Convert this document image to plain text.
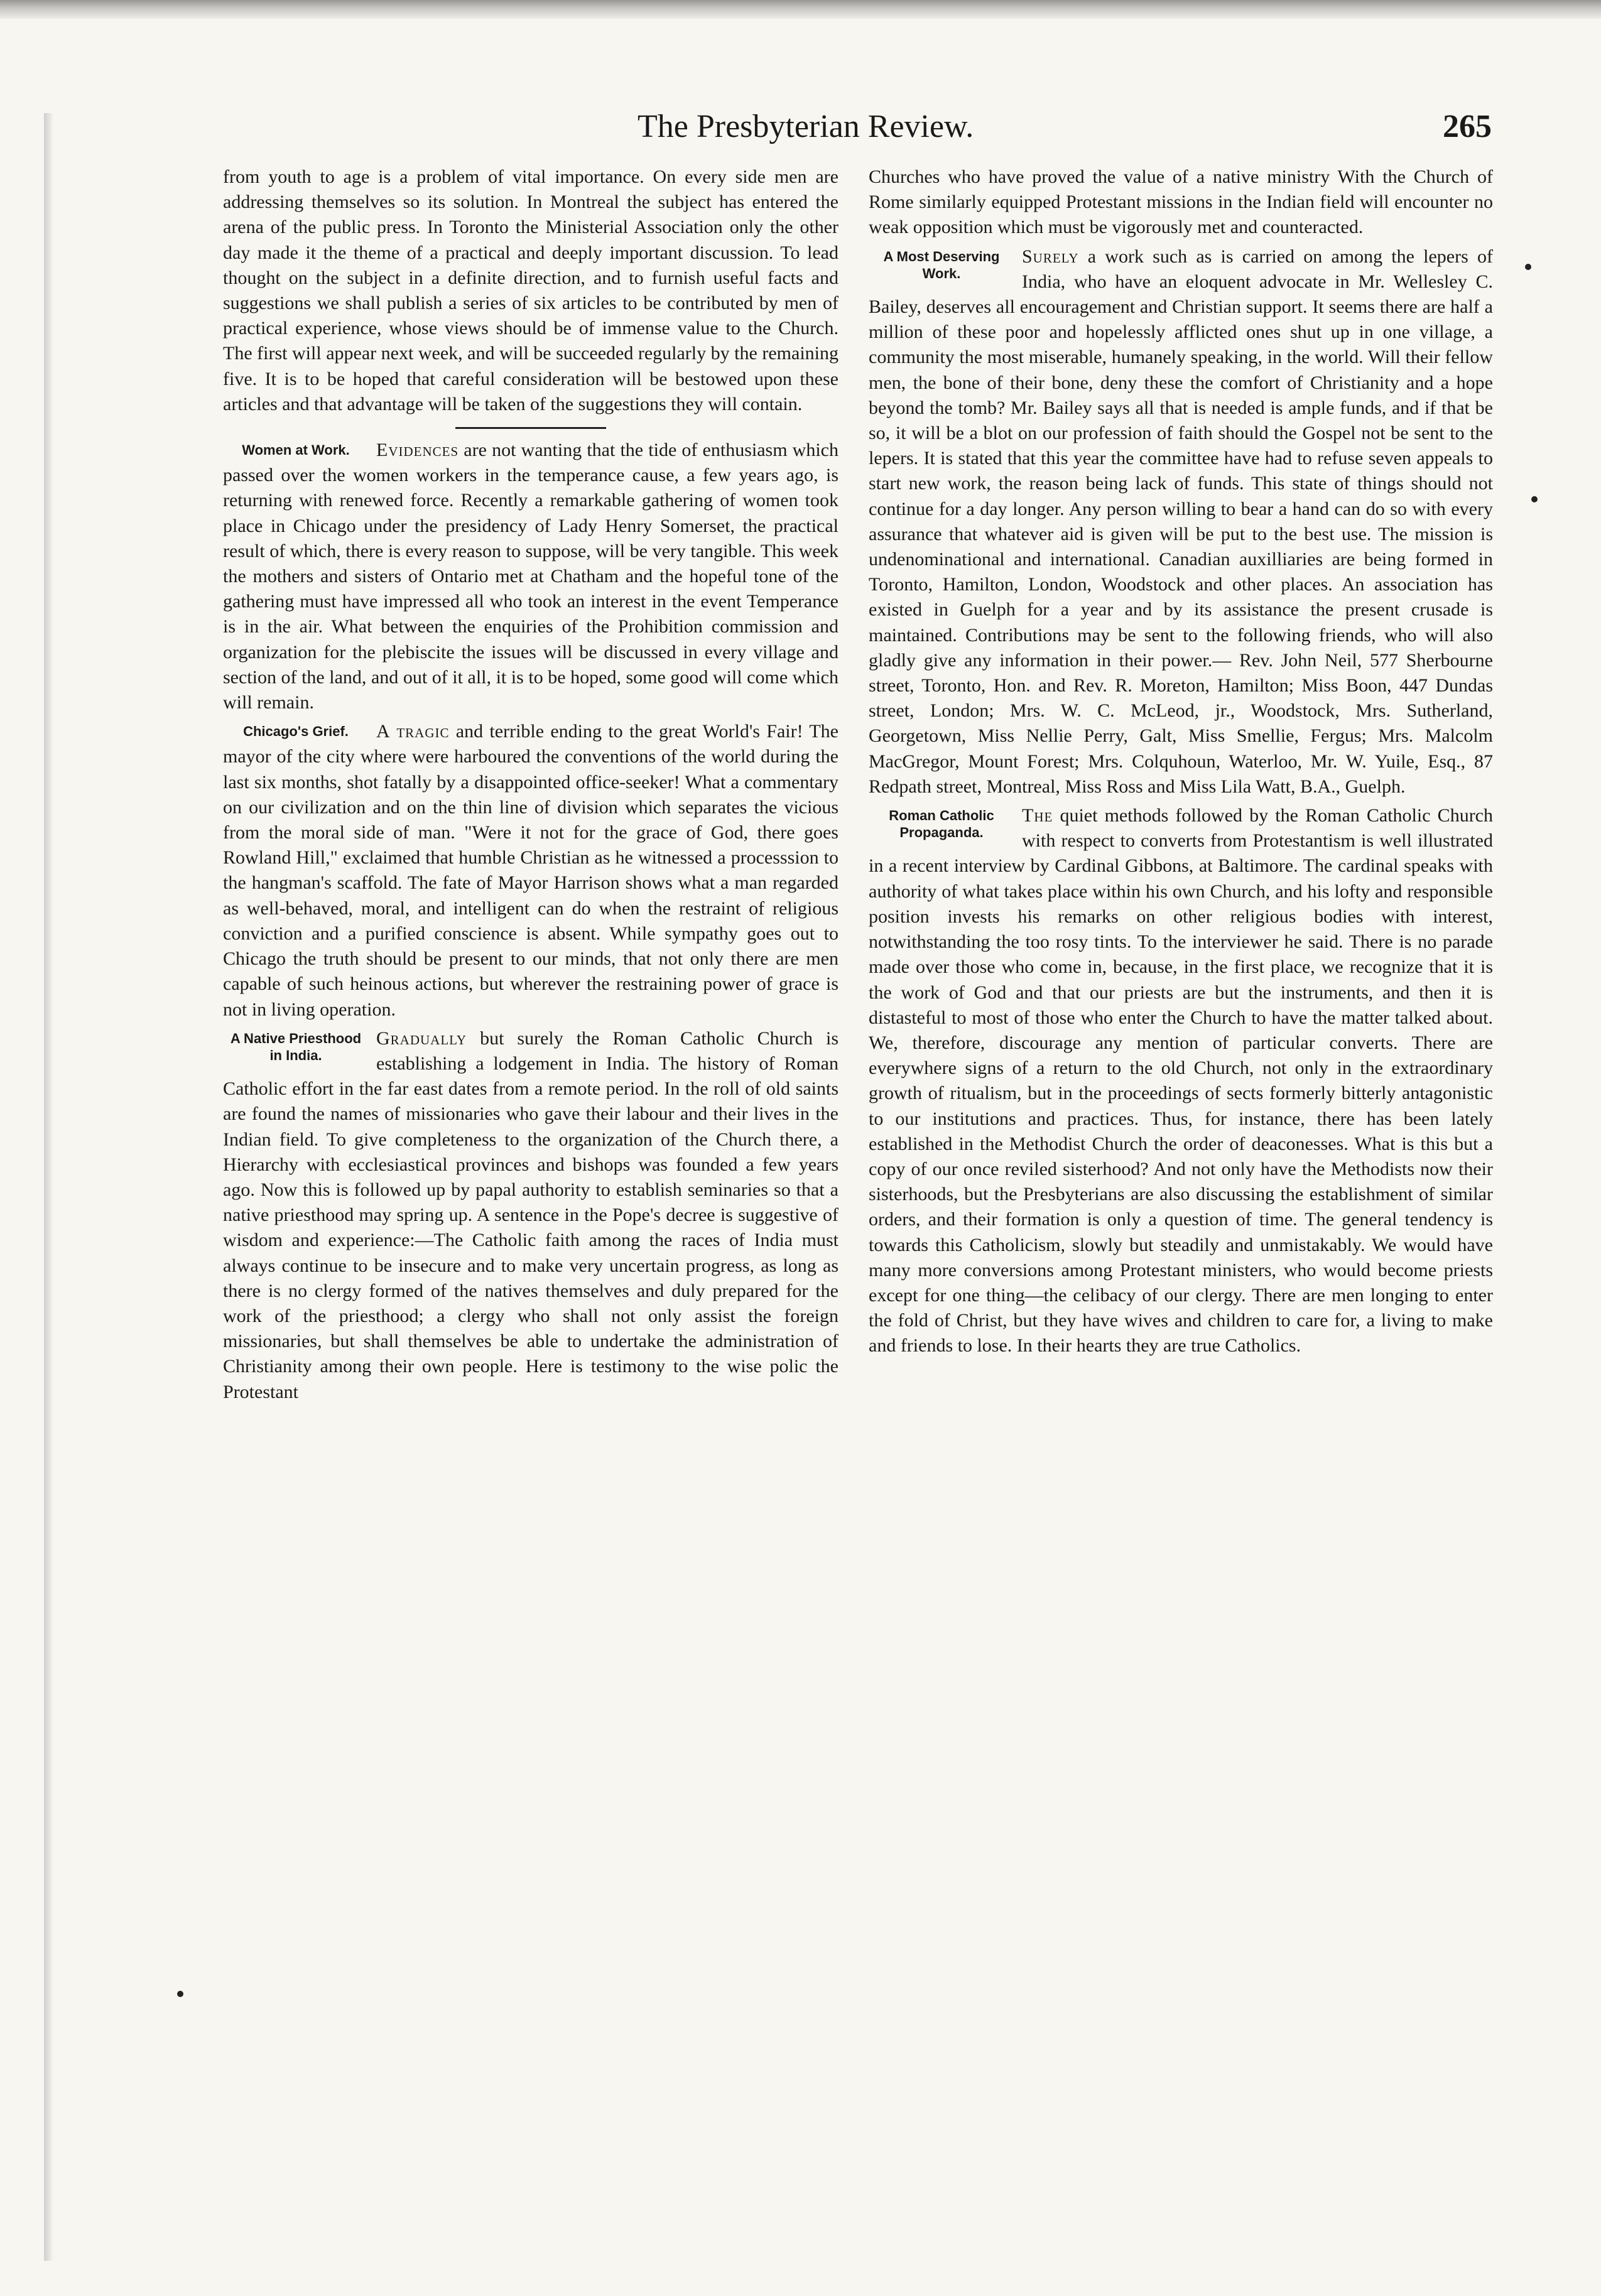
The Presbyterian Review.	265

from youth to age is a problem of vital importance. On every side men are addressing themselves so its solution. In Montreal the subject has entered the arena of the public press. In Toronto the Ministerial Association only the other day made it the theme of a practical and deeply important discussion. To lead thought on the subject in a definite direction, and to furnish useful facts and suggestions we shall publish a series of six articles to be contributed by men of practical experience, whose views should be of immense value to the Church. The first will appear next week, and will be succeeded regularly by the remaining five. It is to be hoped that careful consideration will be bestowed upon these articles and that advantage will be taken of the suggestions they will contain.

Women at Work.	Evidences are not wanting that the tide of enthusiasm which passed over the women workers in the temperance cause, a few years ago, is returning with renewed force. Recently a remarkable gathering of women took place in Chicago under the presidency of Lady Henry Somerset, the practical result of which, there is every reason to suppose, will be very tangible. This week the mothers and sisters of Ontario met at Chatham and the hopeful tone of the gathering must have impressed all who took an interest in the event Temperance is in the air. What between the enquiries of the Prohibition commission and organization for the plebiscite the issues will be discussed in every village and section of the land, and out of it all, it is to be hoped, some good will come which will remain.
Chicago's Grief.	A tragic and terrible ending to the great World's Fair! The mayor of the city where were harboured the conventions of the world during the last six months, shot fatally by a disappointed office-seeker! What a commentary on our civilization and on the thin line of division which separates the vicious from the moral side of man. "Were it not for the grace of God, there goes Rowland Hill," exclaimed that humble Christian as he witnessed a processsion to the hangman's scaffold. The fate of Mayor Harrison shows what a man regarded as well-behaved, moral, and intelligent can do when the restraint of religious conviction and a purified conscience is absent. While sympathy goes out to Chicago the truth should be present to our minds, that not only there are men capable of such heinous actions, but wherever the restraining power of grace is not in living operation.
A Native Priesthood in India.
Gradually but surely the Roman Catholic Church is establishing a lodgement in India. The history of Roman Catholic effort in the far east dates from a remote period. In the roll of old saints are found the names of missionaries who gave their labour and their lives in the Indian field. To give completeness to the organization of the Church there, a Hierarchy with ecclesiastical provinces and bishops was founded a few years ago. Now this is followed up by papal authority to establish seminaries so that a native priesthood may spring up. A sentence in the Pope's decree is suggestive of wisdom and experience:—The Catholic faith among the races of India must always continue to be insecure and to make very uncertain progress, as long as there is no clergy formed of the natives themselves and duly prepared for the work of the priesthood; a clergy who shall not only assist the foreign missionaries, but shall themselves be able to undertake the administration of Christianity among their own people. Here is testimony to the wise polic the Protestant

Churches who have proved the value of a native ministry With the Church of Rome similarly equipped Protestant missions in the Indian field will encounter no weak opposition which must be vigorously met and counteracted.

A Most Deserving Work.
Surely a work such as is carried on among the lepers of India, who have an eloquent advocate in Mr. Wellesley C. Bailey, deserves all encouragement and Christian support. It seems there are half a million of these poor and hopelessly afflicted ones shut up in one village, a community the most miserable, humanely speaking, in the world. Will their fellow men, the bone of their bone, deny these the comfort of Christianity and a hope beyond the tomb? Mr. Bailey says all that is needed is ample funds, and if that be so, it will be a blot on our profession of faith should the Gospel not be sent to the lepers. It is stated that this year the committee have had to refuse seven appeals to start new work, the reason being lack of funds. This state of things should not continue for a day longer. Any person willing to bear a hand can do so with every assurance that whatever aid is given will be put to the best use. The mission is undenominational and international. Canadian auxilliaries are being formed in Toronto, Hamilton, London, Woodstock and other places. An association has existed in Guelph for a year and by its assistance the present crusade is maintained. Contributions may be sent to the following friends, who will also gladly give any information in their power.— Rev. John Neil, 577 Sherbourne street, Toronto, Hon. and Rev. R. Moreton, Hamilton; Miss Boon, 447 Dundas street, London; Mrs. W. C. McLeod, jr., Woodstock, Mrs. Sutherland, Georgetown, Miss Nellie Perry, Galt, Miss Smellie, Fergus; Mrs. Malcolm MacGregor, Mount Forest; Mrs. Colquhoun, Waterloo, Mr. W. Yuile, Esq., 87 Redpath street, Montreal, Miss Ross and Miss Lila Watt, B.A., Guelph.
Roman Catholic Propaganda.
The quiet methods followed by the Roman Catholic Church with respect to converts from Protestantism is well illustrated in a recent interview by Cardinal Gibbons, at Baltimore. The cardinal speaks with authority of what takes place within his own Church, and his lofty and responsible position invests his remarks on other religious bodies with interest, notwithstanding the too rosy tints. To the interviewer he said. There is no parade made over those who come in, because, in the first place, we recognize that it is the work of God and that our priests are but the instruments, and then it is distasteful to most of those who enter the Church to have the matter talked about. We, therefore, discourage any mention of particular converts. There are everywhere signs of a return to the old Church, not only in the extraordinary growth of ritualism, but in the proceedings of sects formerly bitterly antagonistic to our institutions and practices. Thus, for instance, there has been lately established in the Methodist Church the order of deaconesses. What is this but a copy of our once reviled sisterhood? And not only have the Methodists now their sisterhoods, but the Presbyterians are also discussing the establishment of similar orders, and their formation is only a question of time. The general tendency is towards this Catholicism, slowly but steadily and unmistakably. We would have many more conversions among Protestant ministers, who would become priests except for one thing—the celibacy of our clergy. There are men longing to enter the fold of Christ, but they have wives and children to care for, a living to make and friends to lose. In their hearts they are true Catholics.
